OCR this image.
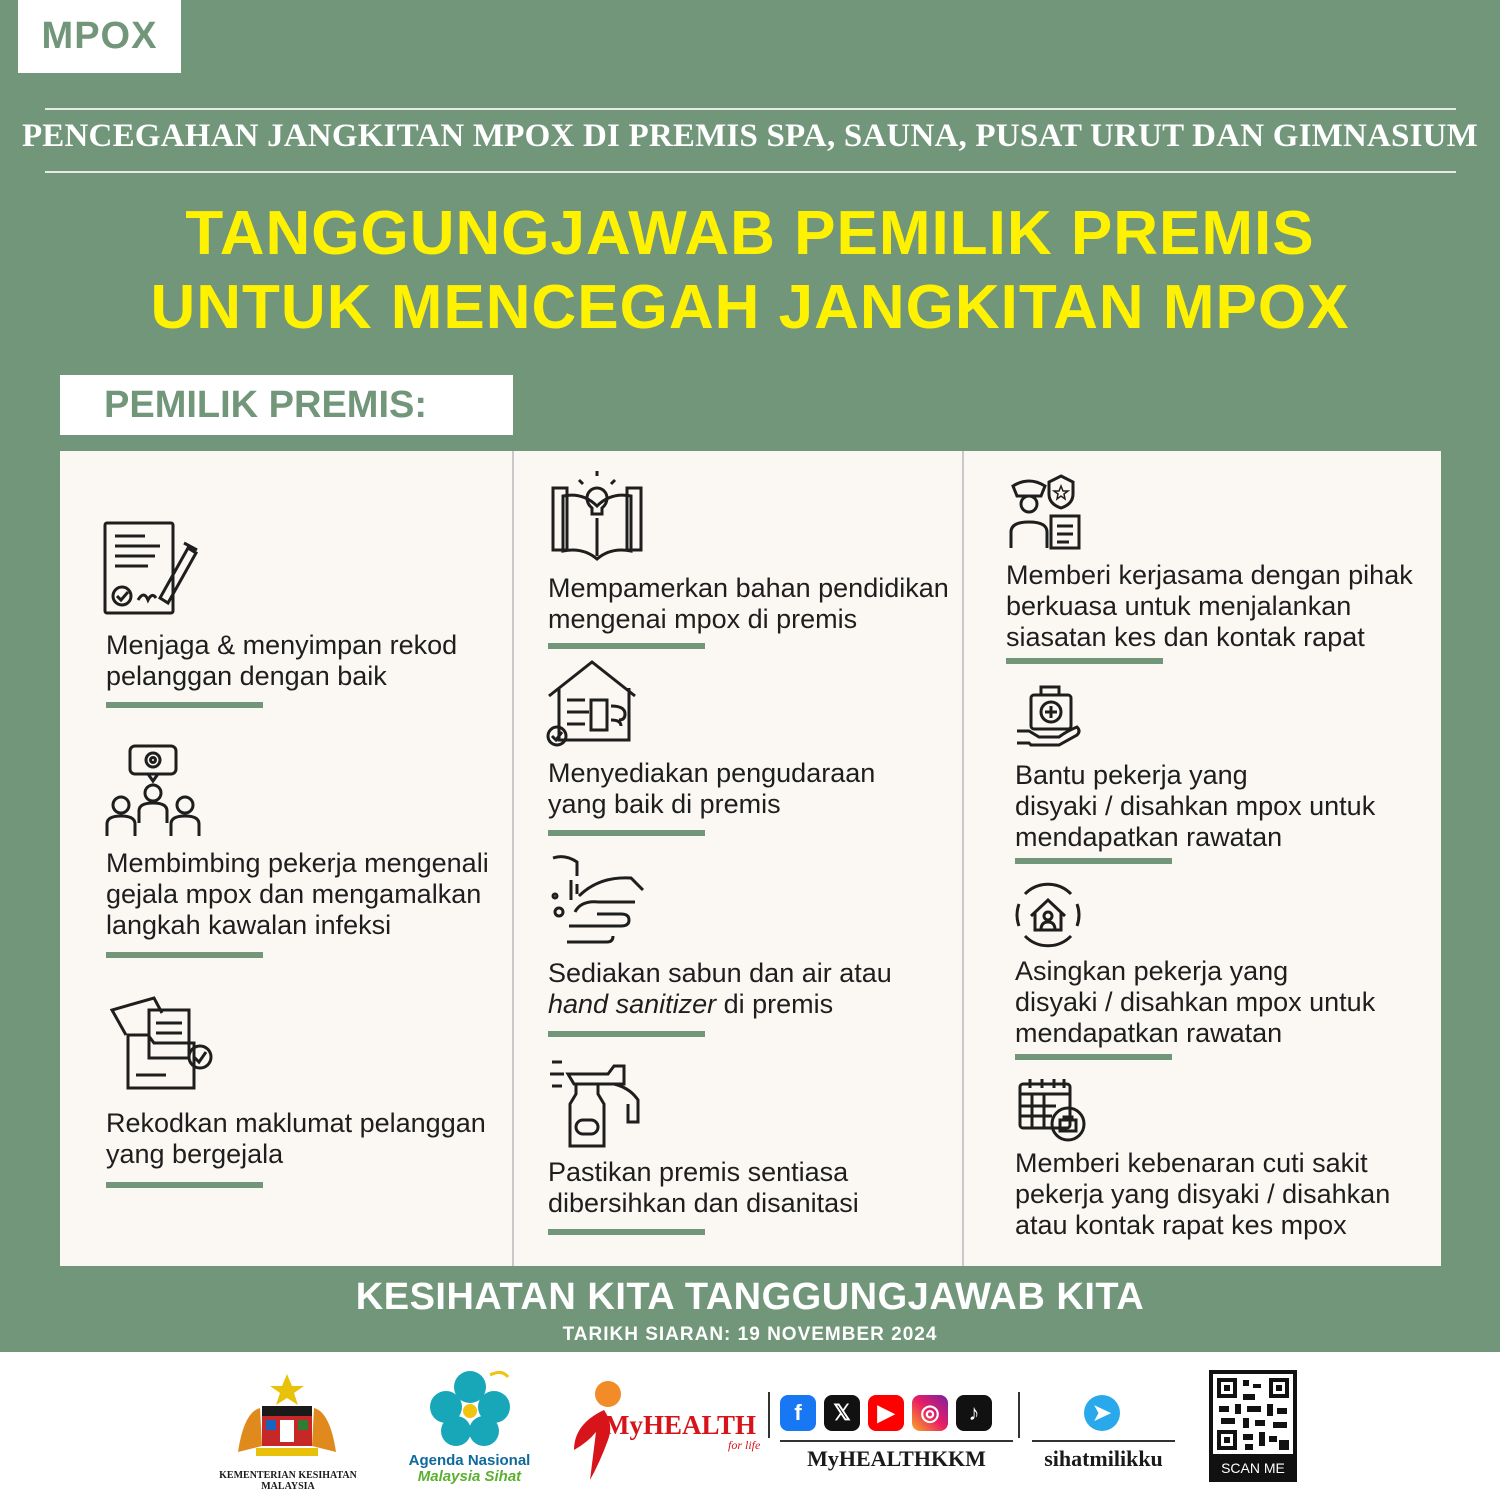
MPOX
PENCEGAHAN JANGKITAN MPOX DI PREMIS SPA, SAUNA, PUSAT URUT DAN GIMNASIUM
TANGGUNGJAWAB PEMILIK PREMIS
UNTUK MENCEGAH JANGKITAN MPOX
PEMILIK PREMIS:
Menjaga & menyimpan rekod
pelanggan dengan baik
Membimbing pekerja mengenali
gejala mpox dan mengamalkan
langkah kawalan infeksi
Rekodkan maklumat pelanggan
yang bergejala
Mempamerkan bahan pendidikan
mengenai mpox di premis
Menyediakan pengudaraan
yang baik di premis
Sediakan sabun dan air atau
hand sanitizer di premis
Pastikan premis sentiasa
dibersihkan dan disanitasi
Memberi kerjasama dengan pihak
berkuasa untuk menjalankan
siasatan kes dan kontak rapat
Bantu pekerja yang
disyaki / disahkan mpox untuk
mendapatkan rawatan
Asingkan pekerja yang
disyaki / disahkan mpox untuk
mendapatkan rawatan
Memberi kebenaran cuti sakit
pekerja yang disyaki / disahkan
atau kontak rapat kes mpox
KESIHATAN KITA TANGGUNGJAWAB KITA
TARIKH SIARAN: 19 NOVEMBER 2024
KEMENTERIAN KESIHATAN MALAYSIA
Agenda Nasional
Malaysia Sihat
MyHEALTH
for life
f	𝕏	▶	◎	♪
MyHEALTHKKM
➤
sihatmilikku	SCAN ME
